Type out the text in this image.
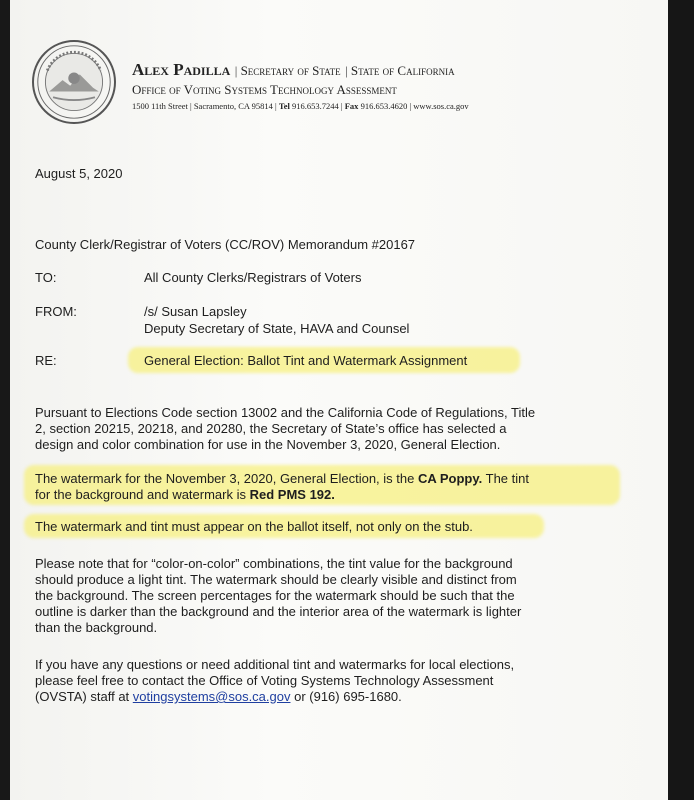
Alex Padilla | Secretary of State | State of California
Office of Voting Systems Technology Assessment
1500 11th Street | Sacramento, CA 95814 | Tel 916.653.7244 | Fax 916.653.4620 | www.sos.ca.gov
August 5, 2020
County Clerk/Registrar of Voters (CC/ROV) Memorandum #20167
TO:	All County Clerks/Registrars of Voters
FROM:	/s/ Susan Lapsley
Deputy Secretary of State, HAVA and Counsel
RE:	General Election: Ballot Tint and Watermark Assignment
Pursuant to Elections Code section 13002 and the California Code of Regulations, Title
2, section 20215, 20218, and 20280, the Secretary of State’s office has selected a
design and color combination for use in the November 3, 2020, General Election.
The watermark for the November 3, 2020, General Election, is the CA Poppy. The tint
for the background and watermark is Red PMS 192.
The watermark and tint must appear on the ballot itself, not only on the stub.
Please note that for “color-on-color” combinations, the tint value for the background
should produce a light tint. The watermark should be clearly visible and distinct from
the background. The screen percentages for the watermark should be such that the
outline is darker than the background and the interior area of the watermark is lighter
than the background.
If you have any questions or need additional tint and watermarks for local elections,
please feel free to contact the Office of Voting Systems Technology Assessment
(OVSTA) staff at votingsystems@sos.ca.gov or (916) 695-1680.
